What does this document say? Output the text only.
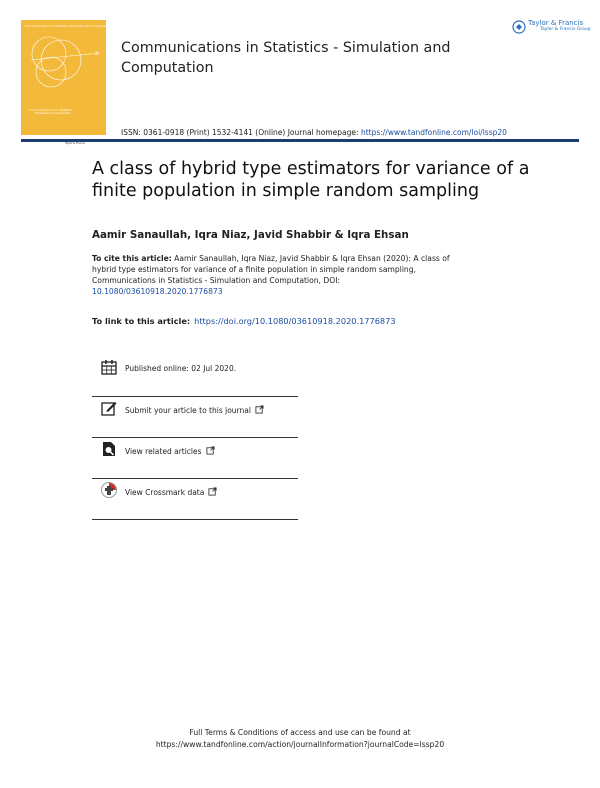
Communications in Statistics Simulation and Computation
Communications in Statistics
Simulation and Computation
Taylor & Francis
Communications in Statistics - Simulation and Computation
Taylor & Francis
Taylor & Francis Group
ISSN: 0361-0918 (Print) 1532-4141 (Online) Journal homepage: https://www.tandfonline.com/loi/lssp20
A class of hybrid type estimators for variance of a finite population in simple random sampling
Aamir Sanaullah, Iqra Niaz, Javid Shabbir & Iqra Ehsan
To cite this article: Aamir Sanaullah, Iqra Niaz, Javid Shabbir & Iqra Ehsan (2020): A class of hybrid type estimators for variance of a finite population in simple random sampling, Communications in Statistics - Simulation and Computation, DOI: 10.1080/03610918.2020.1776873
To link to this article: https://doi.org/10.1080/03610918.2020.1776873
Published online: 02 Jul 2020.
Submit your article to this journal
View related articles
View Crossmark data
Full Terms & Conditions of access and use can be found at
https://www.tandfonline.com/action/journalInformation?journalCode=lssp20
